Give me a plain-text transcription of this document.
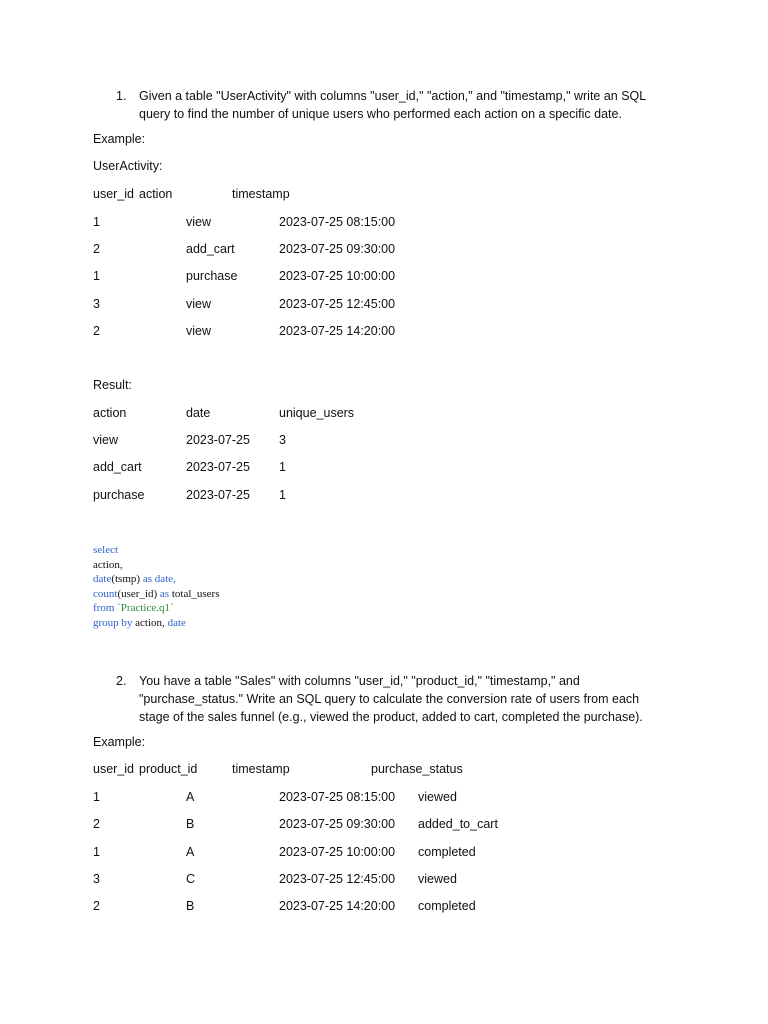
1. Given a table "UserActivity" with columns "user_id," "action," and "timestamp," write an SQL
query to find the number of unique users who performed each action on a specific date.
Example:
UserActivity:
user_id action	timestamp
1	view	2023-07-25 08:15:00
2	add_cart	2023-07-25 09:30:00
1	purchase	2023-07-25 10:00:00
3	view	2023-07-25 12:45:00
2	view	2023-07-25 14:20:00
Result:
action	date	unique_users
view	2023-07-25 3
add_cart	2023-07-25 1
purchase	2023-07-25 1
select
action,
date(tsmp) as date,
count(user_id) as total_users
from `Practice.q1`
group by action, date
2. You have a table "Sales" with columns "user_id," "product_id," "timestamp," and
"purchase_status." Write an SQL query to calculate the conversion rate of users from each
stage of the sales funnel (e.g., viewed the product, added to cart, completed the purchase).
Example:
user_id product_id	timestamp	purchase_status
1	A	2023-07-25 08:15:00 viewed
2	B	2023-07-25 09:30:00 added_to_cart
1	A	2023-07-25 10:00:00 completed
3	C	2023-07-25 12:45:00 viewed
2	B	2023-07-25 14:20:00 completed
